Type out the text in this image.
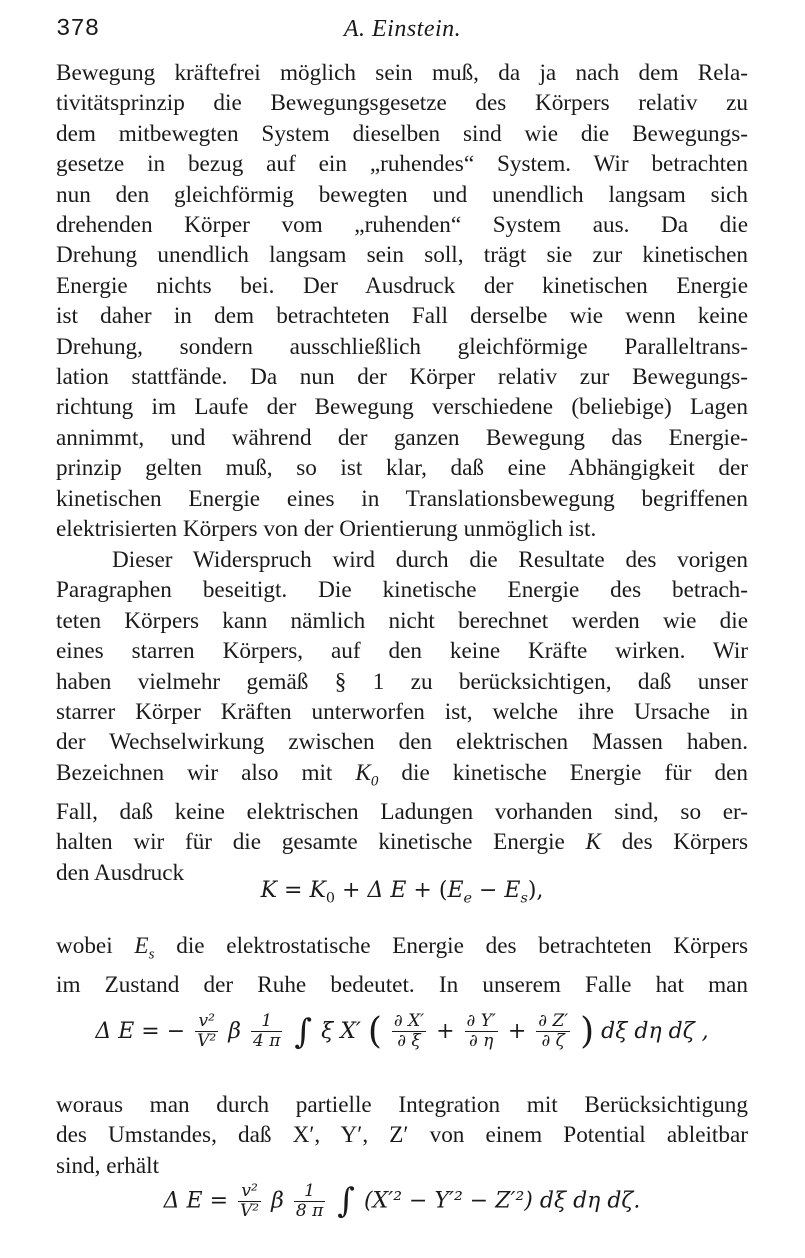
378	A. Einstein.
Bewegung kräftefrei möglich sein muß, da ja nach dem Rela-
tivitätsprinzip die Bewegungsgesetze des Körpers relativ zu
dem mitbewegten System dieselben sind wie die Bewegungs-
gesetze in bezug auf ein „ruhendes“ System. Wir betrachten
nun den gleichförmig bewegten und unendlich langsam sich
drehenden Körper vom „ruhenden“ System aus. Da die
Drehung unendlich langsam sein soll, trägt sie zur kinetischen
Energie nichts bei. Der Ausdruck der kinetischen Energie
ist daher in dem betrachteten Fall derselbe wie wenn keine
Drehung, sondern ausschließlich gleichförmige Paralleltrans-
lation stattfände. Da nun der Körper relativ zur Bewegungs-
richtung im Laufe der Bewegung verschiedene (beliebige) Lagen
annimmt, und während der ganzen Bewegung das Energie-
prinzip gelten muß, so ist klar, daß eine Abhängigkeit der
kinetischen Energie eines in Translationsbewegung begriffenen
elektrisierten Körpers von der Orientierung unmöglich ist.
Dieser Widerspruch wird durch die Resultate des vorigen
Paragraphen beseitigt. Die kinetische Energie des betrach-
teten Körpers kann nämlich nicht berechnet werden wie die
eines starren Körpers, auf den keine Kräfte wirken. Wir
haben vielmehr gemäß § 1 zu berücksichtigen, daß unser
starrer Körper Kräften unterworfen ist, welche ihre Ursache in
der Wechselwirkung zwischen den elektrischen Massen haben.
Bezeichnen wir also mit $K_0$ die kinetische Energie für den
Fall, daß keine elektrischen Ladungen vorhanden sind, so er-
halten wir für die gesamte kinetische Energie K des Körpers
den Ausdruck
$K = K_0 + \Delta$ $E + (E_e - E_s)$,
wobei $E_s$ die elektrostatische Energie des betrachteten Körpers
im Zustand der Ruhe bedeutet. In unserem Falle hat man
Δ E = − $\frac{\text{v²}}{\text{V²}}$ β $\frac{1}{4 \pi}$ ∫ ξ X′ ( $\frac{\partial X'}{\partial \xi} + \frac{\partial Y'}{\partial \eta} + \frac{\partial Z'}{\partial \zeta}$ ) dξ dη dζ ,
woraus man durch partielle Integration mit Berücksichtigung
des Umstandes, daß X′, Y′, Z′ von einem Potential ableitbar
sind, erhält
Δ $E = \frac{\text{v²}}{\text{V²}}$ β $\frac{1}{8 \pi}$ ∫ (X′² − Y′² − Z′²) dξ dη dζ.
